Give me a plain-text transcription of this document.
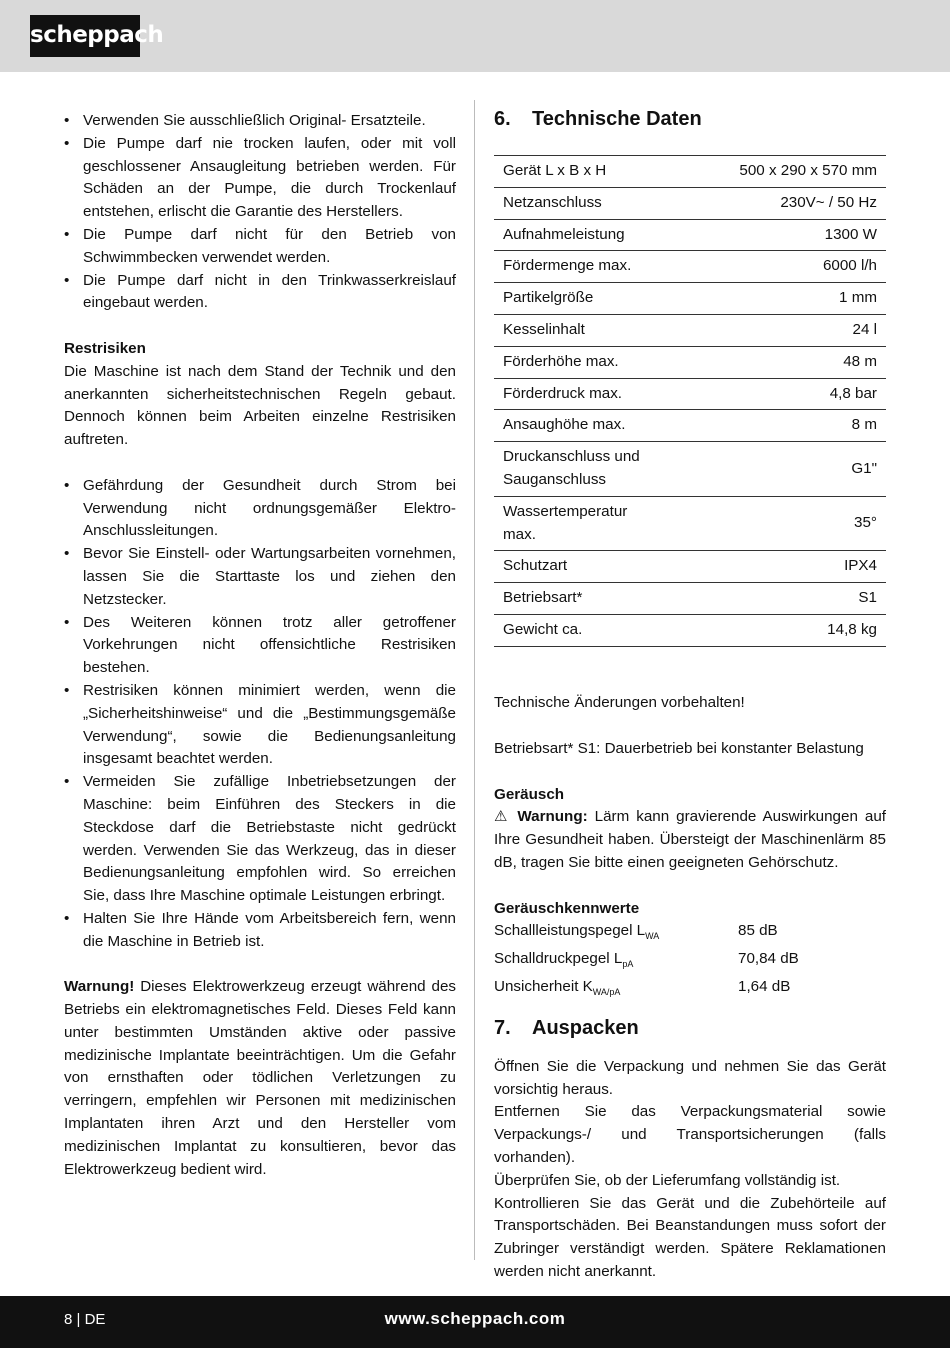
scheppach
• Verwenden Sie ausschließlich Original- Ersatzteile.
• Die Pumpe darf nie trocken laufen, oder mit voll geschlossener Ansaugleitung betrieben werden. Für Schäden an der Pumpe, die durch Trockenlauf entstehen, erlischt die Garantie des Herstellers.
• Die Pumpe darf nicht für den Betrieb von Schwimmbecken verwendet werden.
• Die Pumpe darf nicht in den Trinkwasserkreislauf eingebaut werden.

Restrisiken

Die Maschine ist nach dem Stand der Technik und den anerkannten sicherheitstechnischen Regeln gebaut. Dennoch können beim Arbeiten einzelne Restrisiken auftreten.

• Gefährdung der Gesundheit durch Strom bei Verwendung nicht ordnungsgemäßer Elektro-Anschlussleitungen.
• Bevor Sie Einstell- oder Wartungsarbeiten vornehmen, lassen Sie die Starttaste los und ziehen den Netzstecker.
• Des Weiteren können trotz aller getroffener Vorkehrungen nicht offensichtliche Restrisiken bestehen.
• Restrisiken können minimiert werden, wenn die „Sicherheitshinweise“ und die „Bestimmungsgemäße Verwendung“, sowie die Bedienungsanleitung insgesamt beachtet werden.
• Vermeiden Sie zufällige Inbetriebsetzungen der Maschine: beim Einführen des Steckers in die Steckdose darf die Betriebstaste nicht gedrückt werden. Verwenden Sie das Werkzeug, das in dieser Bedienungsanleitung empfohlen wird. So erreichen Sie, dass Ihre Maschine optimale Leistungen erbringt.
• Halten Sie Ihre Hände vom Arbeitsbereich fern, wenn die Maschine in Betrieb ist.

Warnung! Dieses Elektrowerkzeug erzeugt während des Betriebs ein elektromagnetisches Feld. Dieses Feld kann unter bestimmten Umständen aktive oder passive medizinische Implantate beeinträchtigen. Um die Gefahr von ernsthaften oder tödlichen Verletzungen zu verringern, empfehlen wir Personen mit medizinischen Implantaten ihren Arzt und den Hersteller vom medizinischen Implantat zu konsultieren, bevor das Elektrowerkzeug bedient wird.

6. Technische Daten
Gerät L x B x H	500 x 290 x 570 mm
Netzanschluss	230V~ / 50 Hz
Aufnahmeleistung	1300 W
Fördermenge max.	6000 l/h
Partikelgröße	1 mm
Kesselinhalt	24 l
Förderhöhe max.	48 m
Förderdruck max.	4,8 bar
Ansaughöhe max.	8 m
Druckanschluss und Sauganschluss	G1"
Wassertemperatur max.	35°
Schutzart	IPX4
Betriebsart*	S1
Gewicht ca.	14,8 kg

Technische Änderungen vorbehalten!

Betriebsart* S1: Dauerbetrieb bei konstanter Belastung

Geräusch

⚠ Warnung: Lärm kann gravierende Auswirkungen auf Ihre Gesundheit haben. Übersteigt der Maschinenlärm 85 dB, tragen Sie bitte einen geeigneten Gehörschutz.

Geräuschkennwerte

Schallleistungspegel $L_{WA}$	85 dB
Schalldruckpegel $L_{pA}$	70,84 dB
Unsicherheit $K_{WA/pA}$	1,64 dB
7. Auspacken

Öffnen Sie die Verpackung und nehmen Sie das Gerät vorsichtig heraus.

Entfernen Sie das Verpackungsmaterial sowie Verpackungs-/ und Transportsicherungen (falls vorhanden).

Überprüfen Sie, ob der Lieferumfang vollständig ist.

Kontrollieren Sie das Gerät und die Zubehörteile auf Transportschäden. Bei Beanstandungen muss sofort der Zubringer verständigt werden. Spätere Reklamationen werden nicht anerkannt.

8 | DE	www.scheppach.com
